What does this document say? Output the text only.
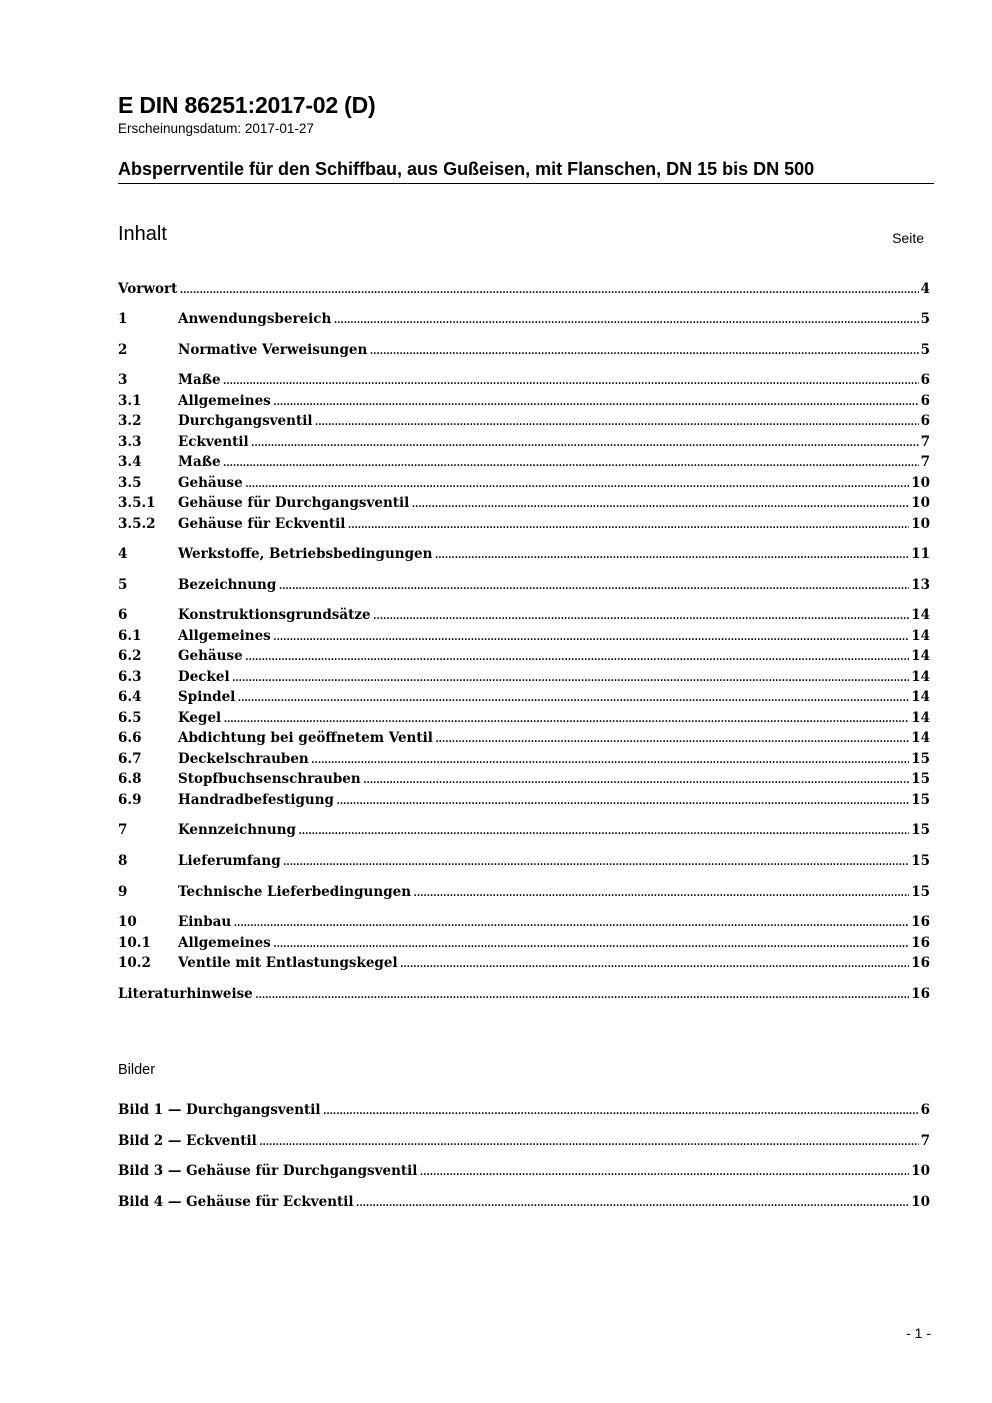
E DIN 86251:2017-02 (D)
Erscheinungsdatum: 2017-01-27
Absperrventile für den Schiffbau, aus Gußeisen, mit Flanschen, DN 15 bis DN 500
Inhalt	Seite
Vorwort .....	4
1	Anwendungsbereich .....	5
2	Normative Verweisungen .....	5
3	Maße .....	6
3.1	Allgemeines .....	6
3.2	Durchgangsventil .....	6
3.3	Eckventil .....	7
3.4	Maße .....	7
3.5	Gehäuse .....	10
3.5.1	Gehäuse für Durchgangsventil .....	10
3.5.2	Gehäuse für Eckventil .....	10
4	Werkstoffe, Betriebsbedingungen .....	11
5	Bezeichnung .....	13
6	Konstruktionsgrundsätze .....	14
6.1	Allgemeines .....	14
6.2	Gehäuse .....	14
6.3	Deckel .....	14
6.4	Spindel .....	14
6.5	Kegel .....	14
6.6	Abdichtung bei geöffnetem Ventil .....	14
6.7	Deckelschrauben .....	15
6.8	Stopfbuchsenschrauben .....	15
6.9	Handradbefestigung .....	15
7	Kennzeichnung .....	15
8	Lieferumfang .....	15
9	Technische Lieferbedingungen .....	15
10	Einbau .....	16
10.1	Allgemeines .....	16
10.2	Ventile mit Entlastungskegel .....	16
Literaturhinweise .....	16
Bild 1 — Durchgangsventil .....	6
Bild 2 — Eckventil .....	7
Bild 3 — Gehäuse für Durchgangsventil .....	10
Bild 4 — Gehäuse für Eckventil .....	10
Bilder
- 1 -
